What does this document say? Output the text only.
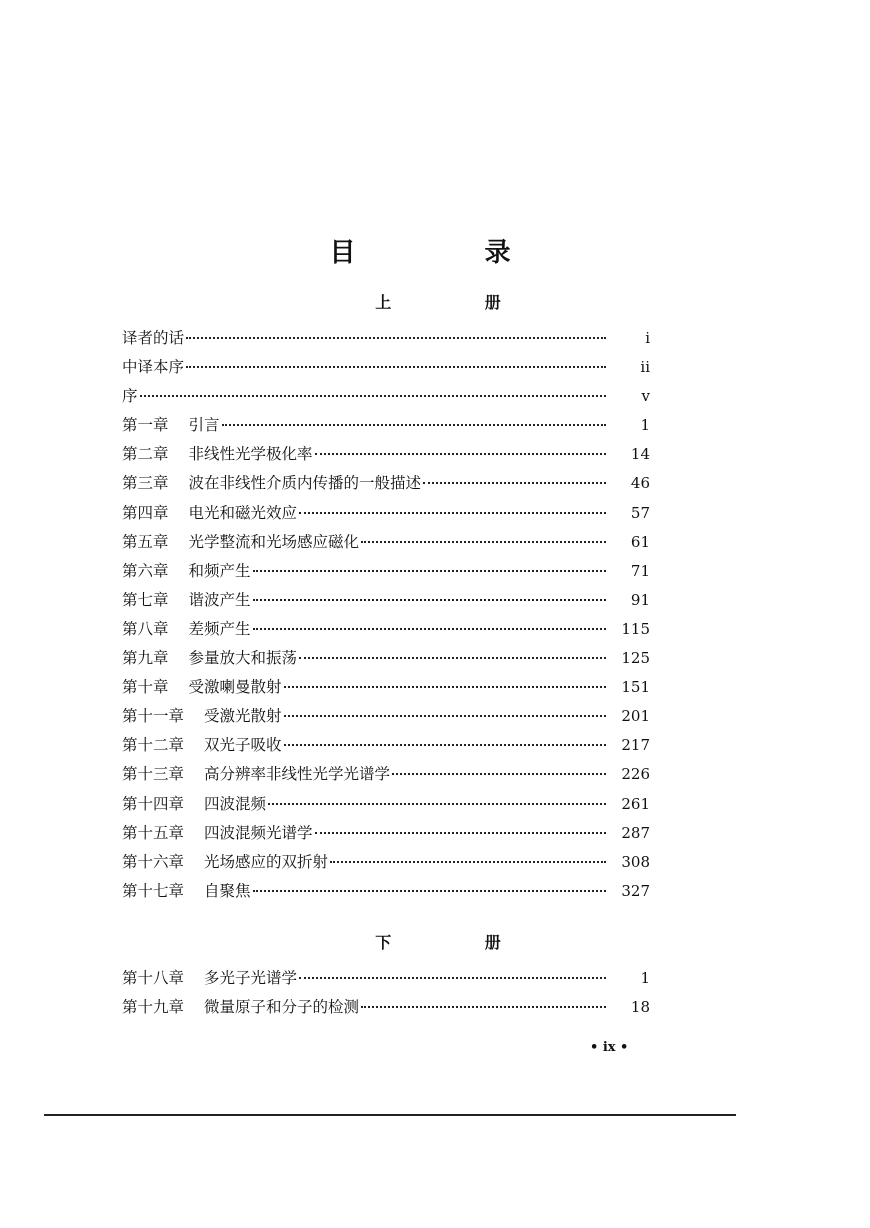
目 录
上 册
译者的话	i
中译本序	ii
序	v
第一章 引言	1
第二章 非线性光学极化率	14
第三章 波在非线性介质内传播的一般描述	46
第四章 电光和磁光效应	57
第五章 光学整流和光场感应磁化	61
第六章 和频产生	71
第七章 谐波产生	91
第八章 差频产生	115
第九章 参量放大和振荡	125
第十章 受激喇曼散射	151
第十一章 受激光散射	201
第十二章 双光子吸收	217
第十三章 高分辨率非线性光学光谱学	226
第十四章 四波混频	261
第十五章 四波混频光谱学	287
第十六章 光场感应的双折射	308
第十七章 自聚焦	327
下 册
第十八章 多光子光谱学	1
第十九章 微量原子和分子的检测	18
• ix •
